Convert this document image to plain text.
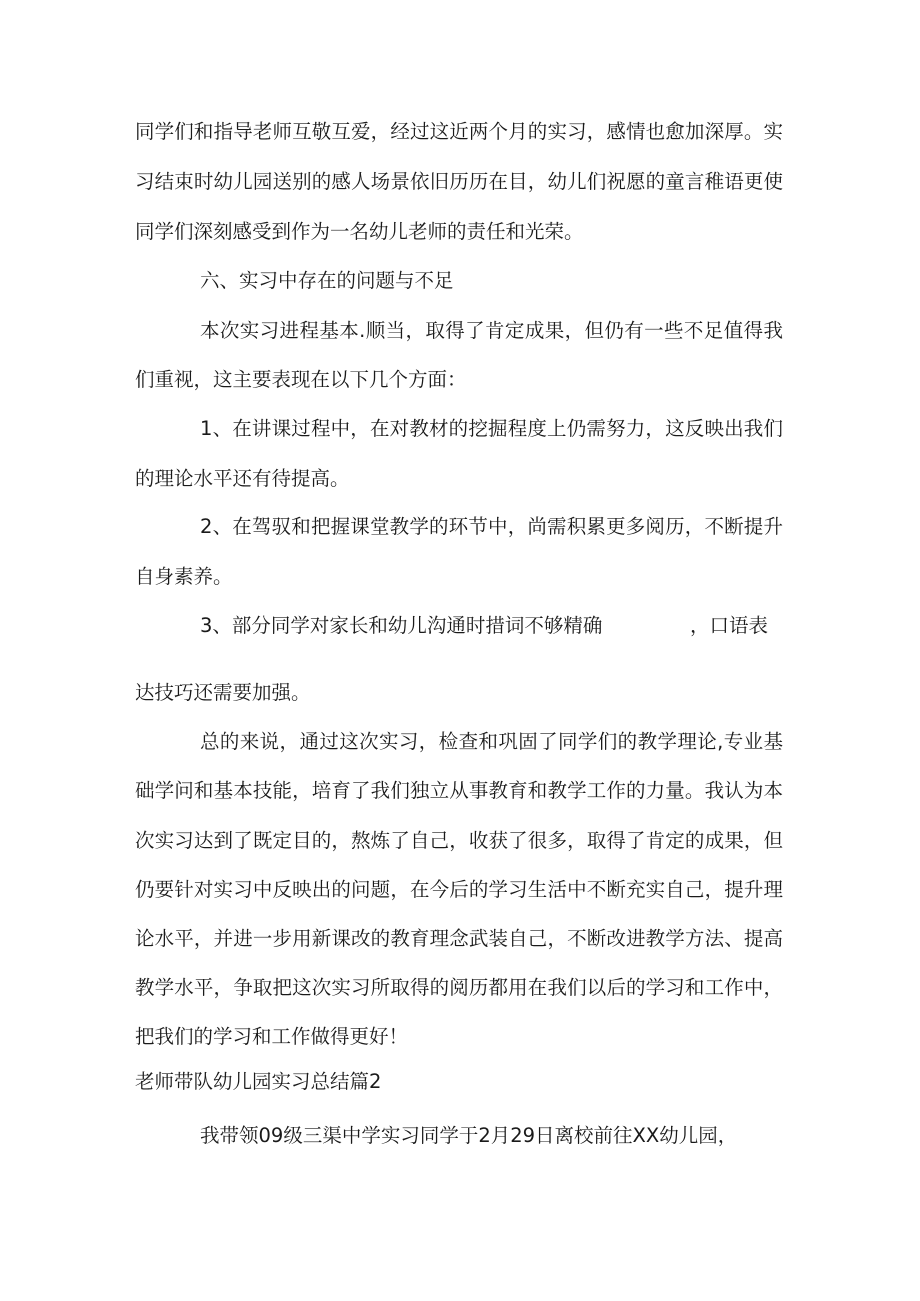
同学们和指导老师互敬互爱，经过这近两个月的实习，感情也愈加深厚。实

习结束时幼儿园送别的感人场景依旧历历在目，幼儿们祝愿的童言稚语更使

同学们深刻感受到作为一名幼儿老师的责任和光荣。

六、实习中存在的问题与不足

本次实习进程基本.顺当，取得了肯定成果，但仍有一些不足值得我

们重视，这主要表现在以下几个方面：

1、在讲课过程中，在对教材的挖掘程度上仍需努力，这反映出我们

的理论水平还有待提高。

2、在驾驭和把握课堂教学的环节中，尚需积累更多阅历，不断提升

自身素养。

3、部分同学对家长和幼儿沟通时措词不够精确	，口语表

达技巧还需要加强。

总的来说，通过这次实习，检查和巩固了同学们的教学理论,专业基

础学问和基本技能，培育了我们独立从事教育和教学工作的力量。我认为本

次实习达到了既定目的，熬炼了自己，收获了很多，取得了肯定的成果，但

仍要针对实习中反映出的问题，在今后的学习生活中不断充实自己，提升理

论水平，并进一步用新课改的教育理念武装自己，不断改进教学方法、提高

教学水平，争取把这次实习所取得的阅历都用在我们以后的学习和工作中，

把我们的学习和工作做得更好！

老师带队幼儿园实习总结篇2

我带领09级三渠中学实习同学于2月29日离校前往XX幼儿园，
